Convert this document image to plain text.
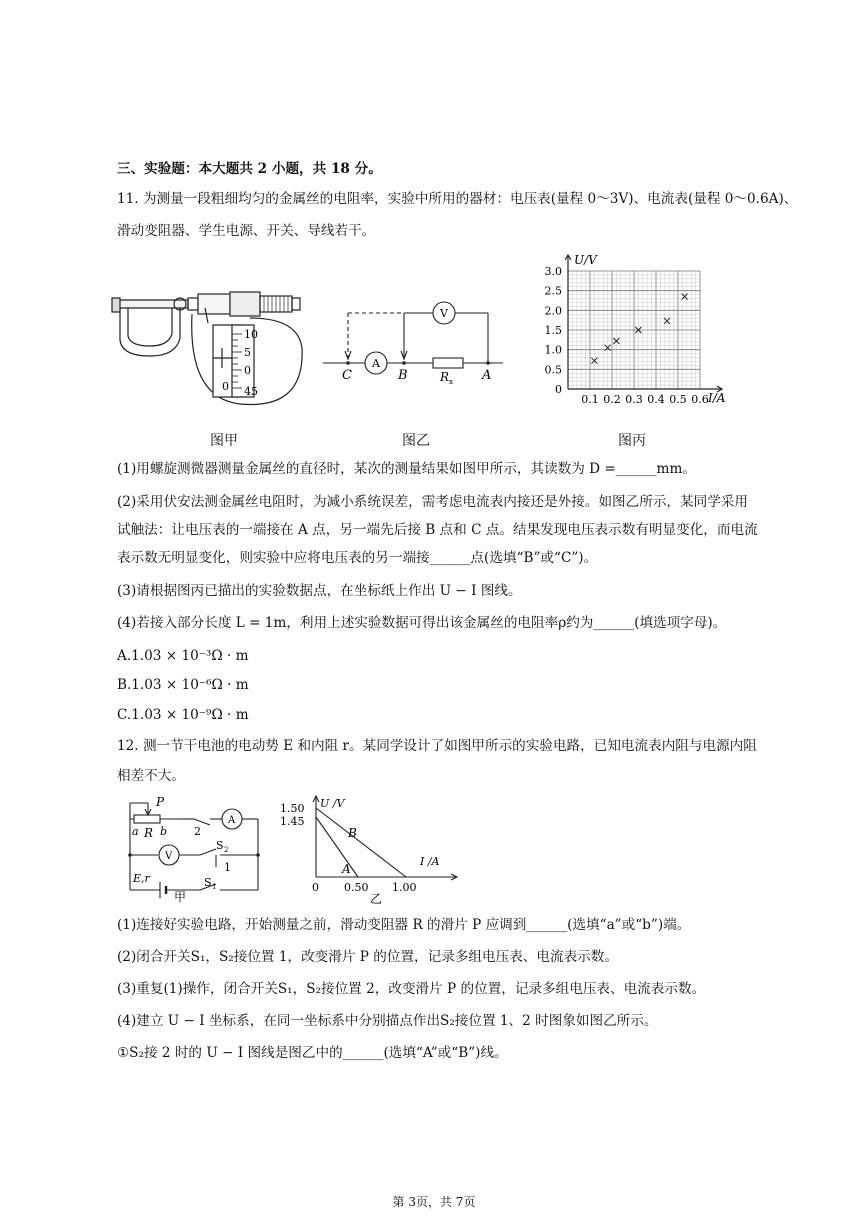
三、实验题：本大题共 2 小题，共 18 分。
11. 为测量一段粗细均匀的金属丝的电阻率，实验中所用的器材：电压表(量程 0～3V)、电流表(量程 0～0.6A)、
滑动变阻器、学生电源、开关、导线若干。
10
5
0
0 45
图甲
A
V
C	B	R x A
图乙
0
0.5
1.0
1.5
2.0
2.5
3.0
0.1 0.2 0.3 0.4 0.5 0.6
U/V
I/A
图丙
(1)用螺旋测微器测量金属丝的直径时，某次的测量结果如图甲所示，其读数为 D =______mm。
(2)采用伏安法测金属丝电阻时，为减小系统误差，需考虑电流表内接还是外接。如图乙所示，某同学采用
试触法：让电压表的一端接在 A 点，另一端先后接 B 点和 C 点。结果发现电压表示数有明显变化，而电流
表示数无明显变化，则实验中应将电压表的另一端接______点(选填“B”或“C”)。
(3)请根据图丙已描出的实验数据点，在坐标纸上作出 U − I 图线。
(4)若接入部分长度 L = 1m，利用上述实验数据可得出该金属丝的电阻率ρ约为______(填选项字母)。
A.1.03 × 10⁻³Ω · m
B.1.03 × 10⁻⁶Ω · m
C.1.03 × 10⁻⁹Ω · m
12. 测一节干电池的电动势 E 和内阻 r。某同学设计了如图甲所示的实验电路，已知电流表内阻与电源内阻
相差不大。
A
V
P
a R b 2
S 2
1
E,r
甲
S 1
1.50
1.45
U /V
B
A
I /A
0 0.50 1.00
乙
(1)连接好实验电路，开始测量之前，滑动变阻器 R 的滑片 P 应调到______(选填“a”或“b”)端。
(2)闭合开关S₁，S₂接位置 1，改变滑片 P 的位置，记录多组电压表、电流表示数。
(3)重复(1)操作，闭合开关S₁，S₂接位置 2，改变滑片 P 的位置，记录多组电压表、电流表示数。
(4)建立 U − I 坐标系，在同一坐标系中分别描点作出S₂接位置 1、2 时图象如图乙所示。
①S₂接 2 时的 U − I 图线是图乙中的______(选填“A”或“B”)线。
第 3页，共 7页
